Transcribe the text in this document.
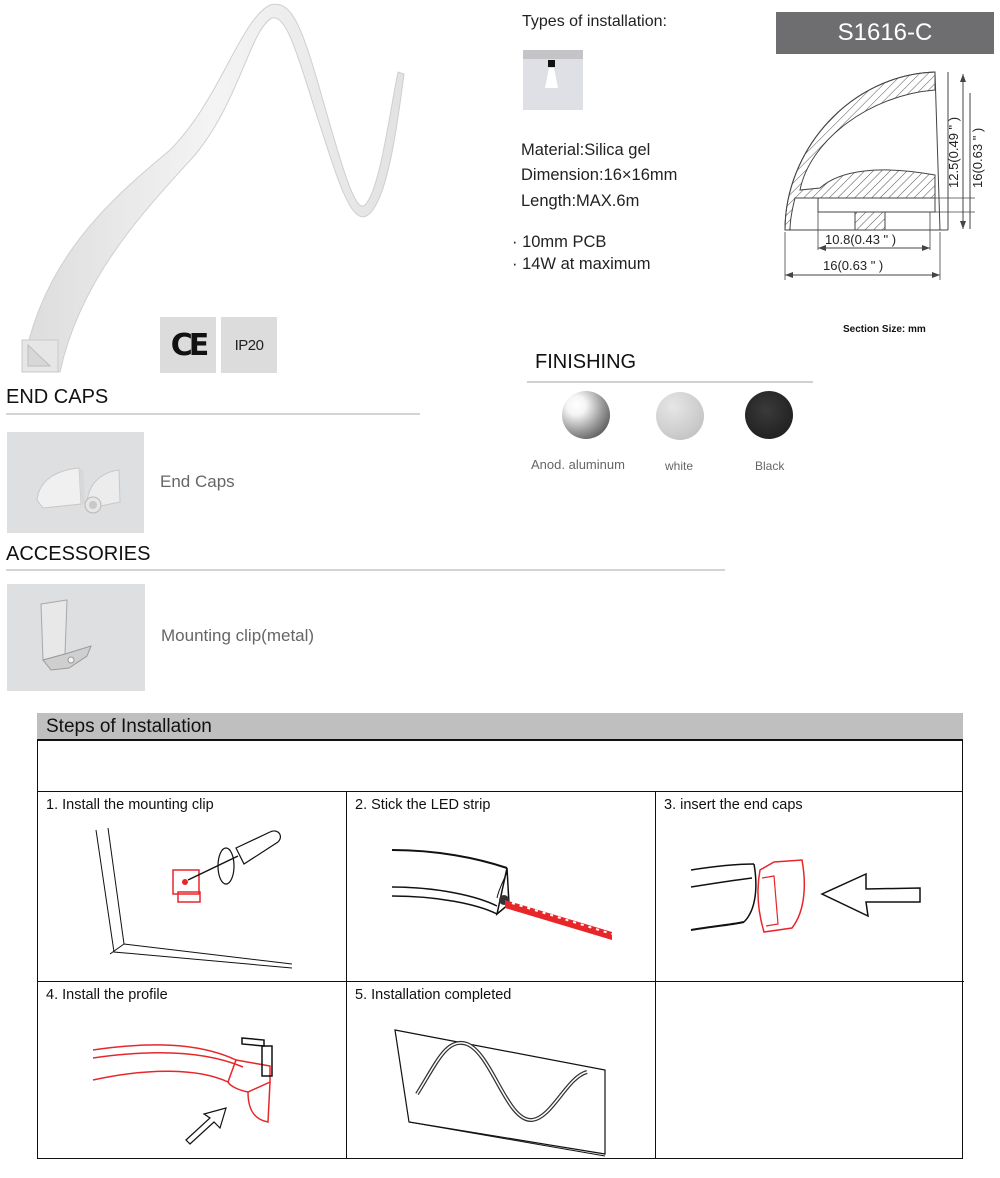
CE IP20
Types of installation:
Material:Silica gel
Dimension:16×16mm
Length:MAX.6m
· 10mm PCB
· 14W at maximum
S1616-C
10.8(0.43 " )
16(0.63 " )
12.5(0.49 " ) 16(0.63 " )
Section Size: mm
FINISHING
Anod. aluminum	white	Black
END CAPS
End Caps
ACCESSORIES
Mounting clip(metal)
Steps of Installation
1. Install the mounting clip	2. Stick the LED strip	3. insert the end caps
4. Install the profile	5. Installation completed
